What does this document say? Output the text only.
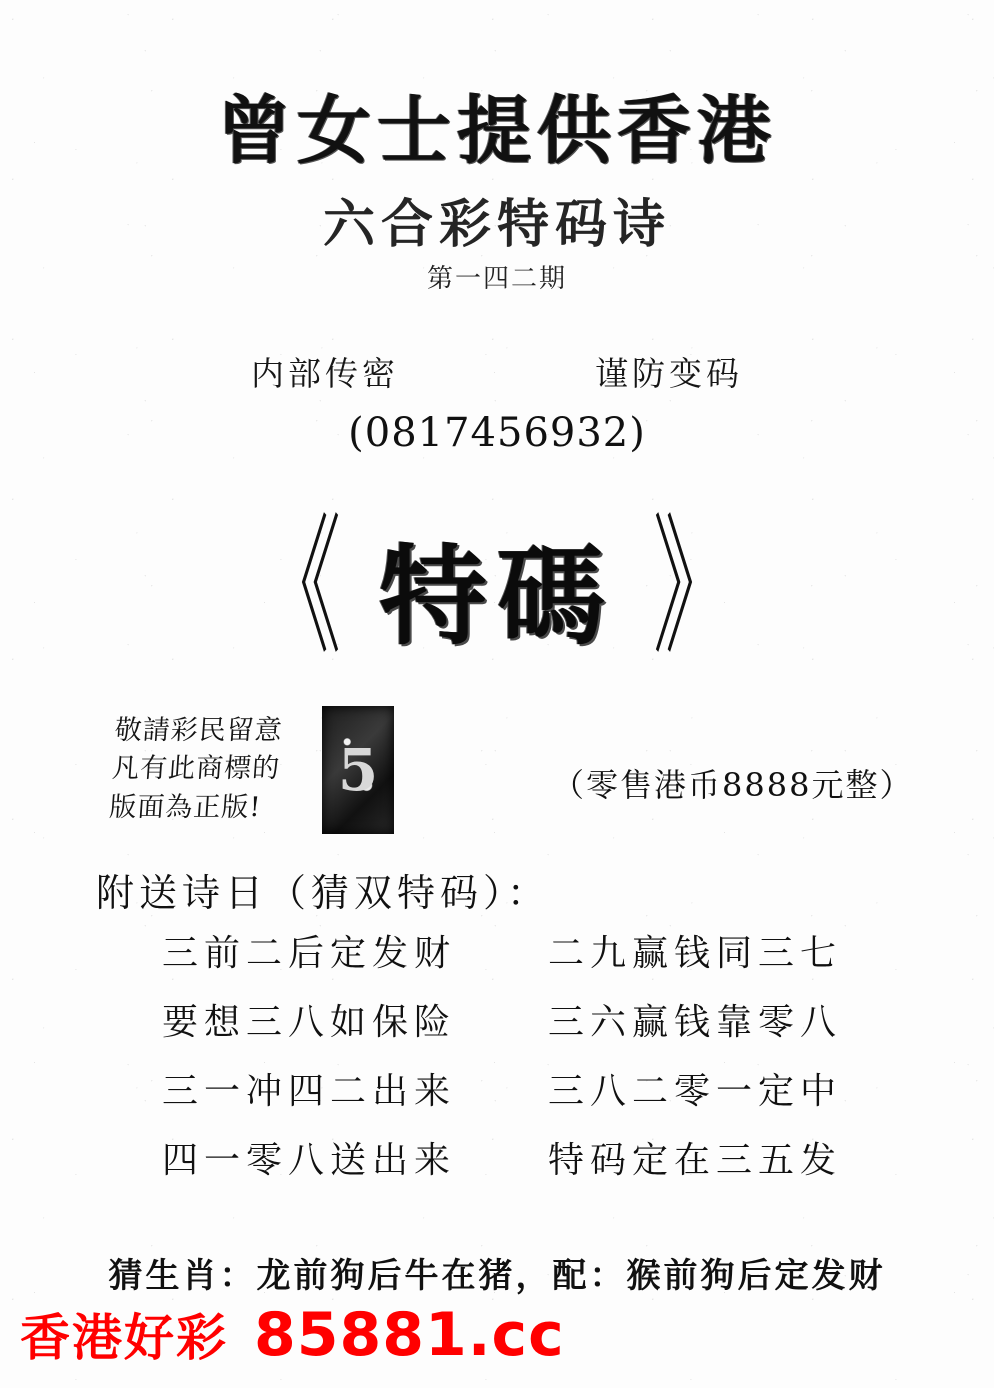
曾女士提供香港
六合彩特码诗
第一四二期
内部传密	谨防变码
(0817456932)
《 特碼 》
敬請彩民留意
凡有此商標的
版面為正版!
5	（零售港币8888元整）
附送诗日（猜双特码）：
三前二后定发财	二九赢钱同三七
要想三八如保险	三六赢钱靠零八
三一冲四二出来	三八二零一定中
四一零八送出来	特码定在三五发
猜生肖：龙前狗后牛在猪，配：猴前狗后定发财
香港好彩 85881.cc
